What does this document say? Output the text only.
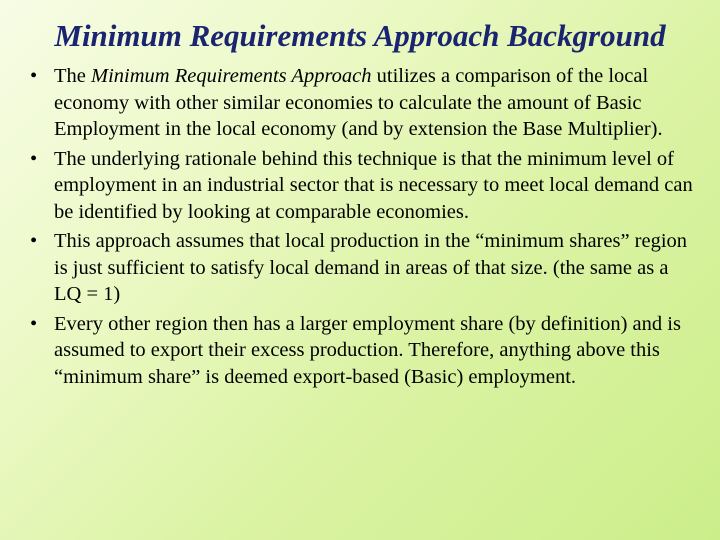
Minimum Requirements Approach Background
• The Minimum Requirements Approach utilizes a comparison of the local economy with other similar economies to calculate the amount of Basic Employment in the local economy (and by extension the Base Multiplier).
• The underlying rationale behind this technique is that the minimum level of employment in an industrial sector that is necessary to meet local demand can be identified by looking at comparable economies.
• This approach assumes that local production in the “minimum shares” region is just sufficient to satisfy local demand in areas of that size. (the same as a LQ = 1)
• Every other region then has a larger employment share (by definition) and is assumed to export their excess production. Therefore, anything above this “minimum share” is deemed export-based (Basic) employment.
